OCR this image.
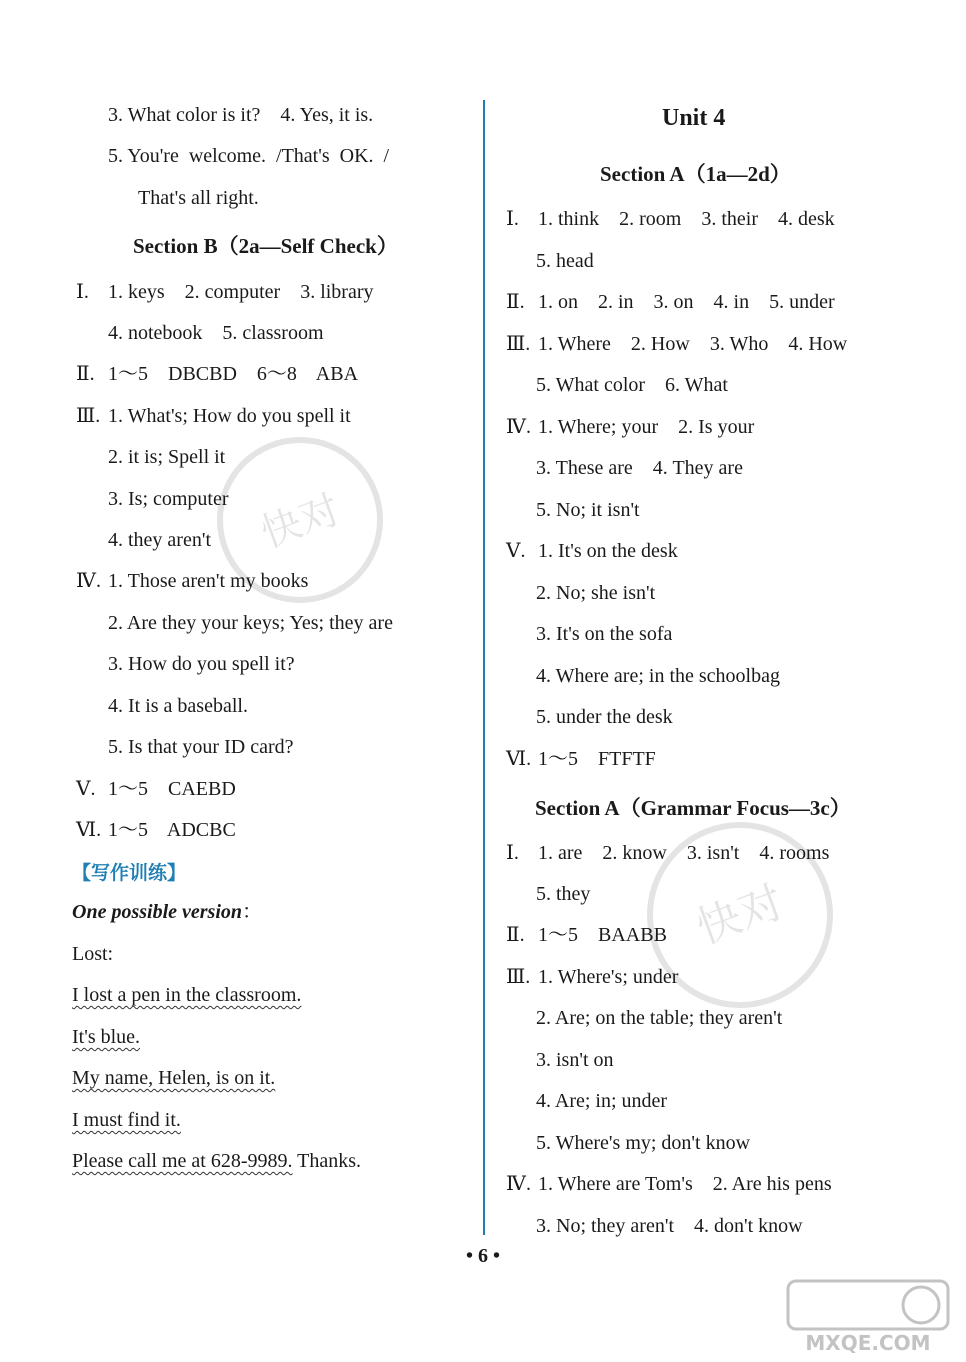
快对
快对
3. What color is it?    4. Yes, it is.
5. You're  welcome.  /That's  OK.  /
That's all right.
Ⅰ. 1. keys    2. computer    3. library
4. notebook    5. classroom
Ⅱ. 1～5    DBCBD    6～8    ABA
Ⅲ. 1. What's; How do you spell it
2. it is; Spell it
3. Is; computer
4. they aren't
Ⅳ. 1. Those aren't my books
2. Are they your keys; Yes; they are
3. How do you spell it?
4. It is a baseball.
5. Is that your ID card?
Ⅴ. 1～5    CAEBD
Ⅵ. 1～5    ADCBC
Section B（2a—Self Check）
【写作训练】
One possible version：
Lost:
I lost a pen in the classroom.
It's blue.
My name, Helen, is on it.
I must find it.
Please call me at 628-9989. Thanks.
Unit 4
Section A（1a—2d）
Section A（Grammar Focus—3c）
Ⅰ. 1. think    2. room    3. their    4. desk
5. head
Ⅱ. 1. on    2. in    3. on    4. in    5. under
Ⅲ. 1. Where    2. How    3. Who    4. How
5. What color    6. What
Ⅳ. 1. Where; your    2. Is your
3. These are    4. They are
5. No; it isn't
Ⅴ. 1. It's on the desk
2. No; she isn't
3. It's on the sofa
4. Where are; in the schoolbag
5. under the desk
Ⅵ. 1～5    FTFTF
Ⅰ. 1. are    2. know    3. isn't    4. rooms
5. they
Ⅱ. 1～5    BAABB
Ⅲ. 1. Where's; under
2. Are; on the table; they aren't
3. isn't on
4. Are; in; under
5. Where's my; don't know
Ⅳ. 1. Where are Tom's    2. Are his pens
3. No; they aren't    4. don't know
• 6 •
MXQE.COM
